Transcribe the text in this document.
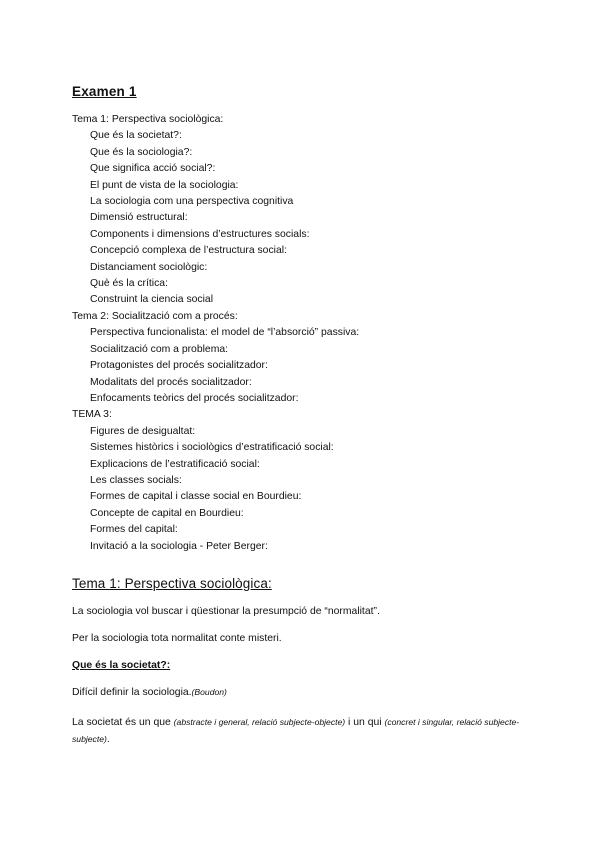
Examen 1
Tema 1: Perspectiva sociològica:
Que és la societat?:
Que és la sociologia?:
Que significa acció social?:
El punt de vista de la sociologia:
La sociologia com una perspectiva cognitiva
Dimensió estructural:
Components i dimensions d’estructures socials:
Concepció complexa de l’estructura social:
Distanciament sociològic:
Què és la crítica:
Construint la ciencia social
Tema 2: Socialització com a procés:
Perspectiva funcionalista: el model de “l’absorció” passiva:
Socialització com a problema:
Protagonistes del procés socialitzador:
Modalitats del procés socialitzador:
Enfocaments teòrics del procés socialitzador:
TEMA 3:
Figures de desigualtat:
Sistemes històrics i sociològics d’estratificació social:
Explicacions de l’estratificació social:
Les classes socials:
Formes de capital i classe social en Bourdieu:
Concepte de capital en Bourdieu:
Formes del capital:
Invitació a la sociologia - Peter Berger:
Tema 1: Perspectiva sociològica:
La sociologia vol buscar i qüestionar la presumpció de “normalitat”.
Per la sociologia tota normalitat conte misteri.
Que és la societat?:
Difícil definir la sociologia.(Boudon)
La societat és un que (abstracte i general, relació subjecte-objecte) i un qui (concret i singular, relació subjecte-subjecte).
